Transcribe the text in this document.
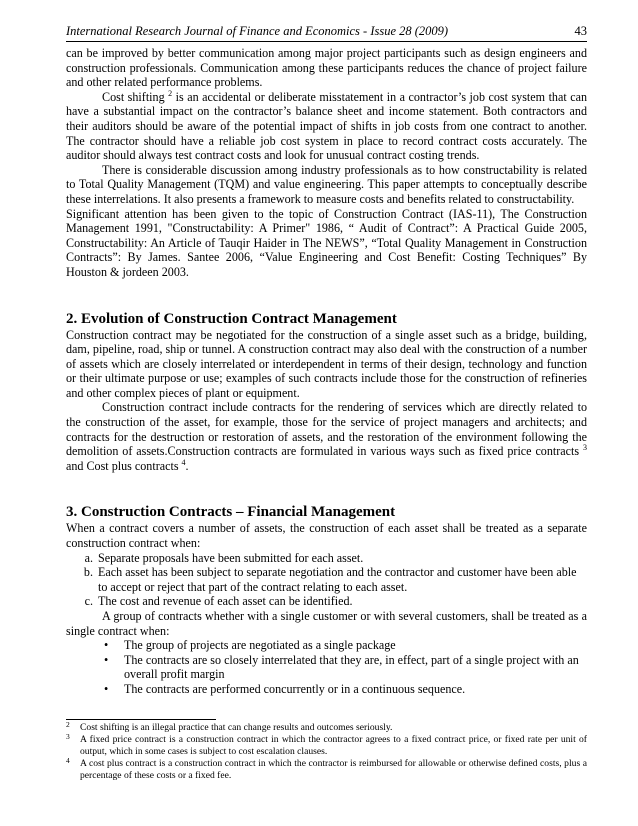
International Research Journal of Finance and Economics - Issue 28 (2009)	43

can be improved by better communication among major project participants such as design engineers and construction professionals. Communication among these participants reduces the chance of project failure and other related performance problems.

Cost shifting $^2$ is an accidental or deliberate misstatement in a contractor’s job cost system that can have a substantial impact on the contractor’s balance sheet and income statement. Both contractors and their auditors should be aware of the potential impact of shifts in job costs from one contract to another. The contractor should have a reliable job cost system in place to record contract costs accurately. The auditor should always test contract costs and look for unusual contract costing trends.

There is considerable discussion among industry professionals as to how constructability is related to Total Quality Management (TQM) and value engineering. This paper attempts to conceptually describe these interrelations. It also presents a framework to measure costs and benefits related to constructability.

Significant attention has been given to the topic of Construction Contract (IAS-11), The Construction Management 1991, "Constructability: A Primer" 1986, “ Audit of Contract”: A Practical Guide 2005, Constructability: An Article of Tauqir Haider in The NEWS”, “Total Quality Management in Construction Contracts”: By James. Santee 2006, “Value Engineering and Cost Benefit: Costing Techniques” By Houston & jordeen 2003.

2. Evolution of Construction Contract Management

Construction contract may be negotiated for the construction of a single asset such as a bridge, building, dam, pipeline, road, ship or tunnel. A construction contract may also deal with the construction of a number of assets which are closely interrelated or interdependent in terms of their design, technology and function or their ultimate purpose or use; examples of such contracts include those for the construction of refineries and other complex pieces of plant or equipment.

Construction contract include contracts for the rendering of services which are directly related to the construction of the asset, for example, those for the service of project managers and architects; and contracts for the destruction or restoration of assets, and the restoration of the environment following the demolition of assets.Construction contracts are formulated in various ways such as fixed price contracts $^3$ and Cost plus contracts $^4$.

3. Construction Contracts – Financial Management

When a contract covers a number of assets, the construction of each asset shall be treated as a separate construction contract when:

a. Separate proposals have been submitted for each asset.
b. Each asset has been subject to separate negotiation and the contractor and customer have been able to accept or reject that part of the contract relating to each asset.
c. The cost and revenue of each asset can be identified.

A group of contracts whether with a single customer or with several customers, shall be treated as a single contract when:

• The group of projects are negotiated as a single package
• The contracts are so closely interrelated that they are, in effect, part of a single project with an overall profit margin
• The contracts are performed concurrently or in a continuous sequence.
2 Cost shifting is an illegal practice that can change results and outcomes seriously.
3 A fixed price contract is a construction contract in which the contractor agrees to a fixed contract price, or fixed rate per unit of output, which in some cases is subject to cost escalation clauses.
4 A cost plus contract is a construction contract in which the contractor is reimbursed for allowable or otherwise defined costs, plus a percentage of these costs or a fixed fee.
